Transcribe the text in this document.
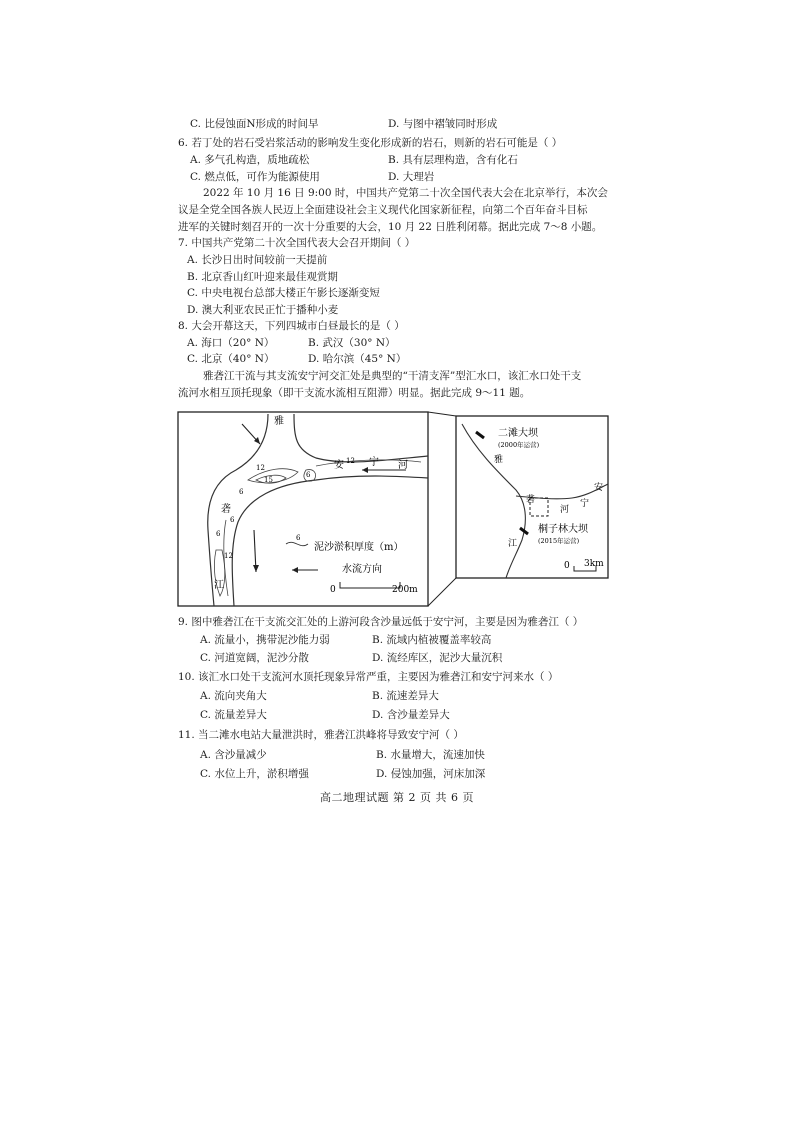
C. 比侵蚀面N形成的时间早	D. 与图中褶皱同时形成
6. 若丁处的岩石受岩浆活动的影响发生变化形成新的岩石，则新的岩石可能是（ ）
A. 多气孔构造，质地疏松	B. 具有层理构造，含有化石
C. 燃点低，可作为能源使用	D. 大理岩
2022 年 10 月 16 日 9:00 时，中国共产党第二十次全国代表大会在北京举行，本次会
议是全党全国各族人民迈上全面建设社会主义现代化国家新征程，向第二个百年奋斗目标
进军的关键时刻召开的一次十分重要的大会，10 月 22 日胜利闭幕。据此完成 7～8 小题。
7. 中国共产党第二十次全国代表大会召开期间（ ）
A. 长沙日出时间较前一天提前
B. 北京香山红叶迎来最佳观赏期
C. 中央电视台总部大楼正午影长逐渐变短
D. 澳大利亚农民正忙于播种小麦
8. 大会开幕这天，下列四城市白昼最长的是（ ）
A. 海口（20° N）	B. 武汉（30° N）
C. 北京（40° N）	D. 哈尔滨（45° N）
雅砻江干流与其支流安宁河交汇处是典型的“干清支浑”型汇水口，该汇水口处干支
流河水相互顶托现象（即干支流水流相互阻滞）明显。据此完成 9～11 题。
雅
安	宁 河
砻
江
12
12
15
6
6
6
12
6	6
泥沙淤积厚度（m）
水流方向
0	200m
二滩大坝
(2000年运营)
桐子林大坝
(2015年运营)
雅
砻
江
安
河
宁
0 3km
9. 图中雅砻江在干支流交汇处的上游河段含沙量远低于安宁河，主要是因为雅砻江（ ）
A. 流量小，携带泥沙能力弱	B. 流域内植被覆盖率较高
C. 河道宽阔，泥沙分散	D. 流经库区，泥沙大量沉积
10. 该汇水口处干支流河水顶托现象异常严重，主要因为雅砻江和安宁河来水（ ）
A. 流向夹角大	B. 流速差异大
C. 流量差异大	D. 含沙量差异大
11. 当二滩水电站大量泄洪时，雅砻江洪峰将导致安宁河（ ）
A. 含沙量减少	B. 水量增大，流速加快
C. 水位上升，淤积增强	D. 侵蚀加强，河床加深
高二地理试题 第 2 页 共 6 页
